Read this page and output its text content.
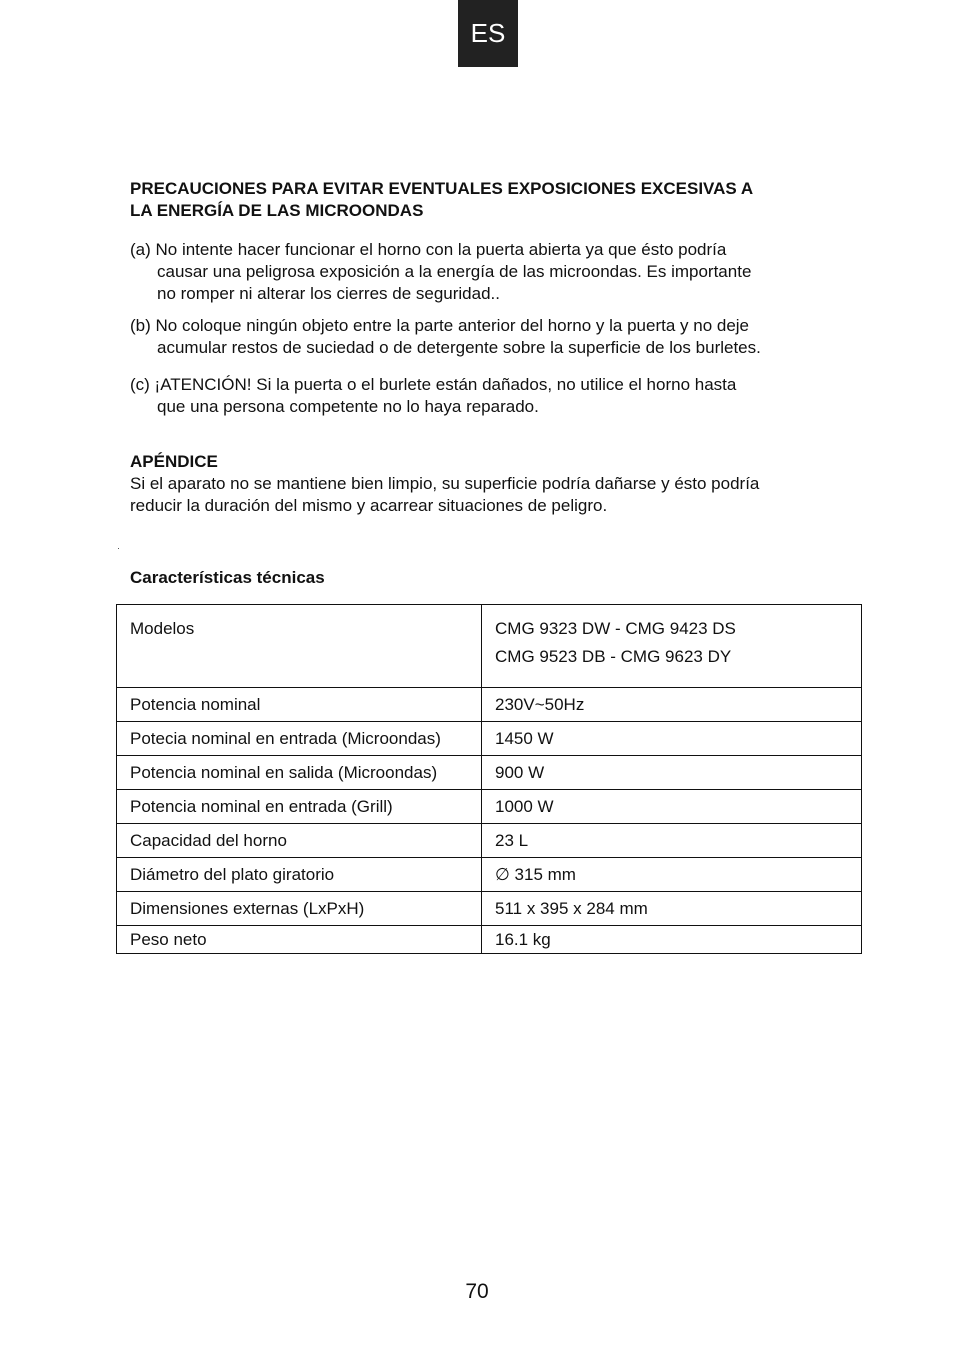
ES
PRECAUCIONES PARA EVITAR EVENTUALES EXPOSICIONES EXCESIVAS A
LA ENERGÍA DE LAS MICROONDAS
(a) No intente hacer funcionar el horno con la puerta abierta ya que ésto podría
causar una peligrosa exposición a la energía de las microondas. Es importante
no romper ni alterar los cierres de seguridad..
(b) No coloque ningún objeto entre la parte anterior del horno y la puerta y no deje
acumular restos de suciedad o de detergente sobre la superficie de los burletes.
(c) ¡ATENCIÓN! Si la puerta o el burlete están dañados, no utilice el horno hasta
que una persona competente no lo haya reparado.
APÉNDICE
Si el aparato no se mantiene bien limpio, su superficie podría dañarse y ésto podría
reducir la duración del mismo y acarrear situaciones de peligro.
Características técnicas
Modelos	CMG 9323 DW - CMG 9423 DS
CMG 9523 DB - CMG 9623 DY

Potencia nominal	230V~50Hz
Potecia nominal en entrada (Microondas)	1450 W
Potencia nominal en salida (Microondas)	900 W
Potencia nominal en entrada (Grill)	1000 W
Capacidad del horno	23 L
Diámetro del plato giratorio	∅ 315 mm
Dimensiones externas (LxPxH)	511 x 395 x 284 mm
Peso neto	16.1 kg
70
